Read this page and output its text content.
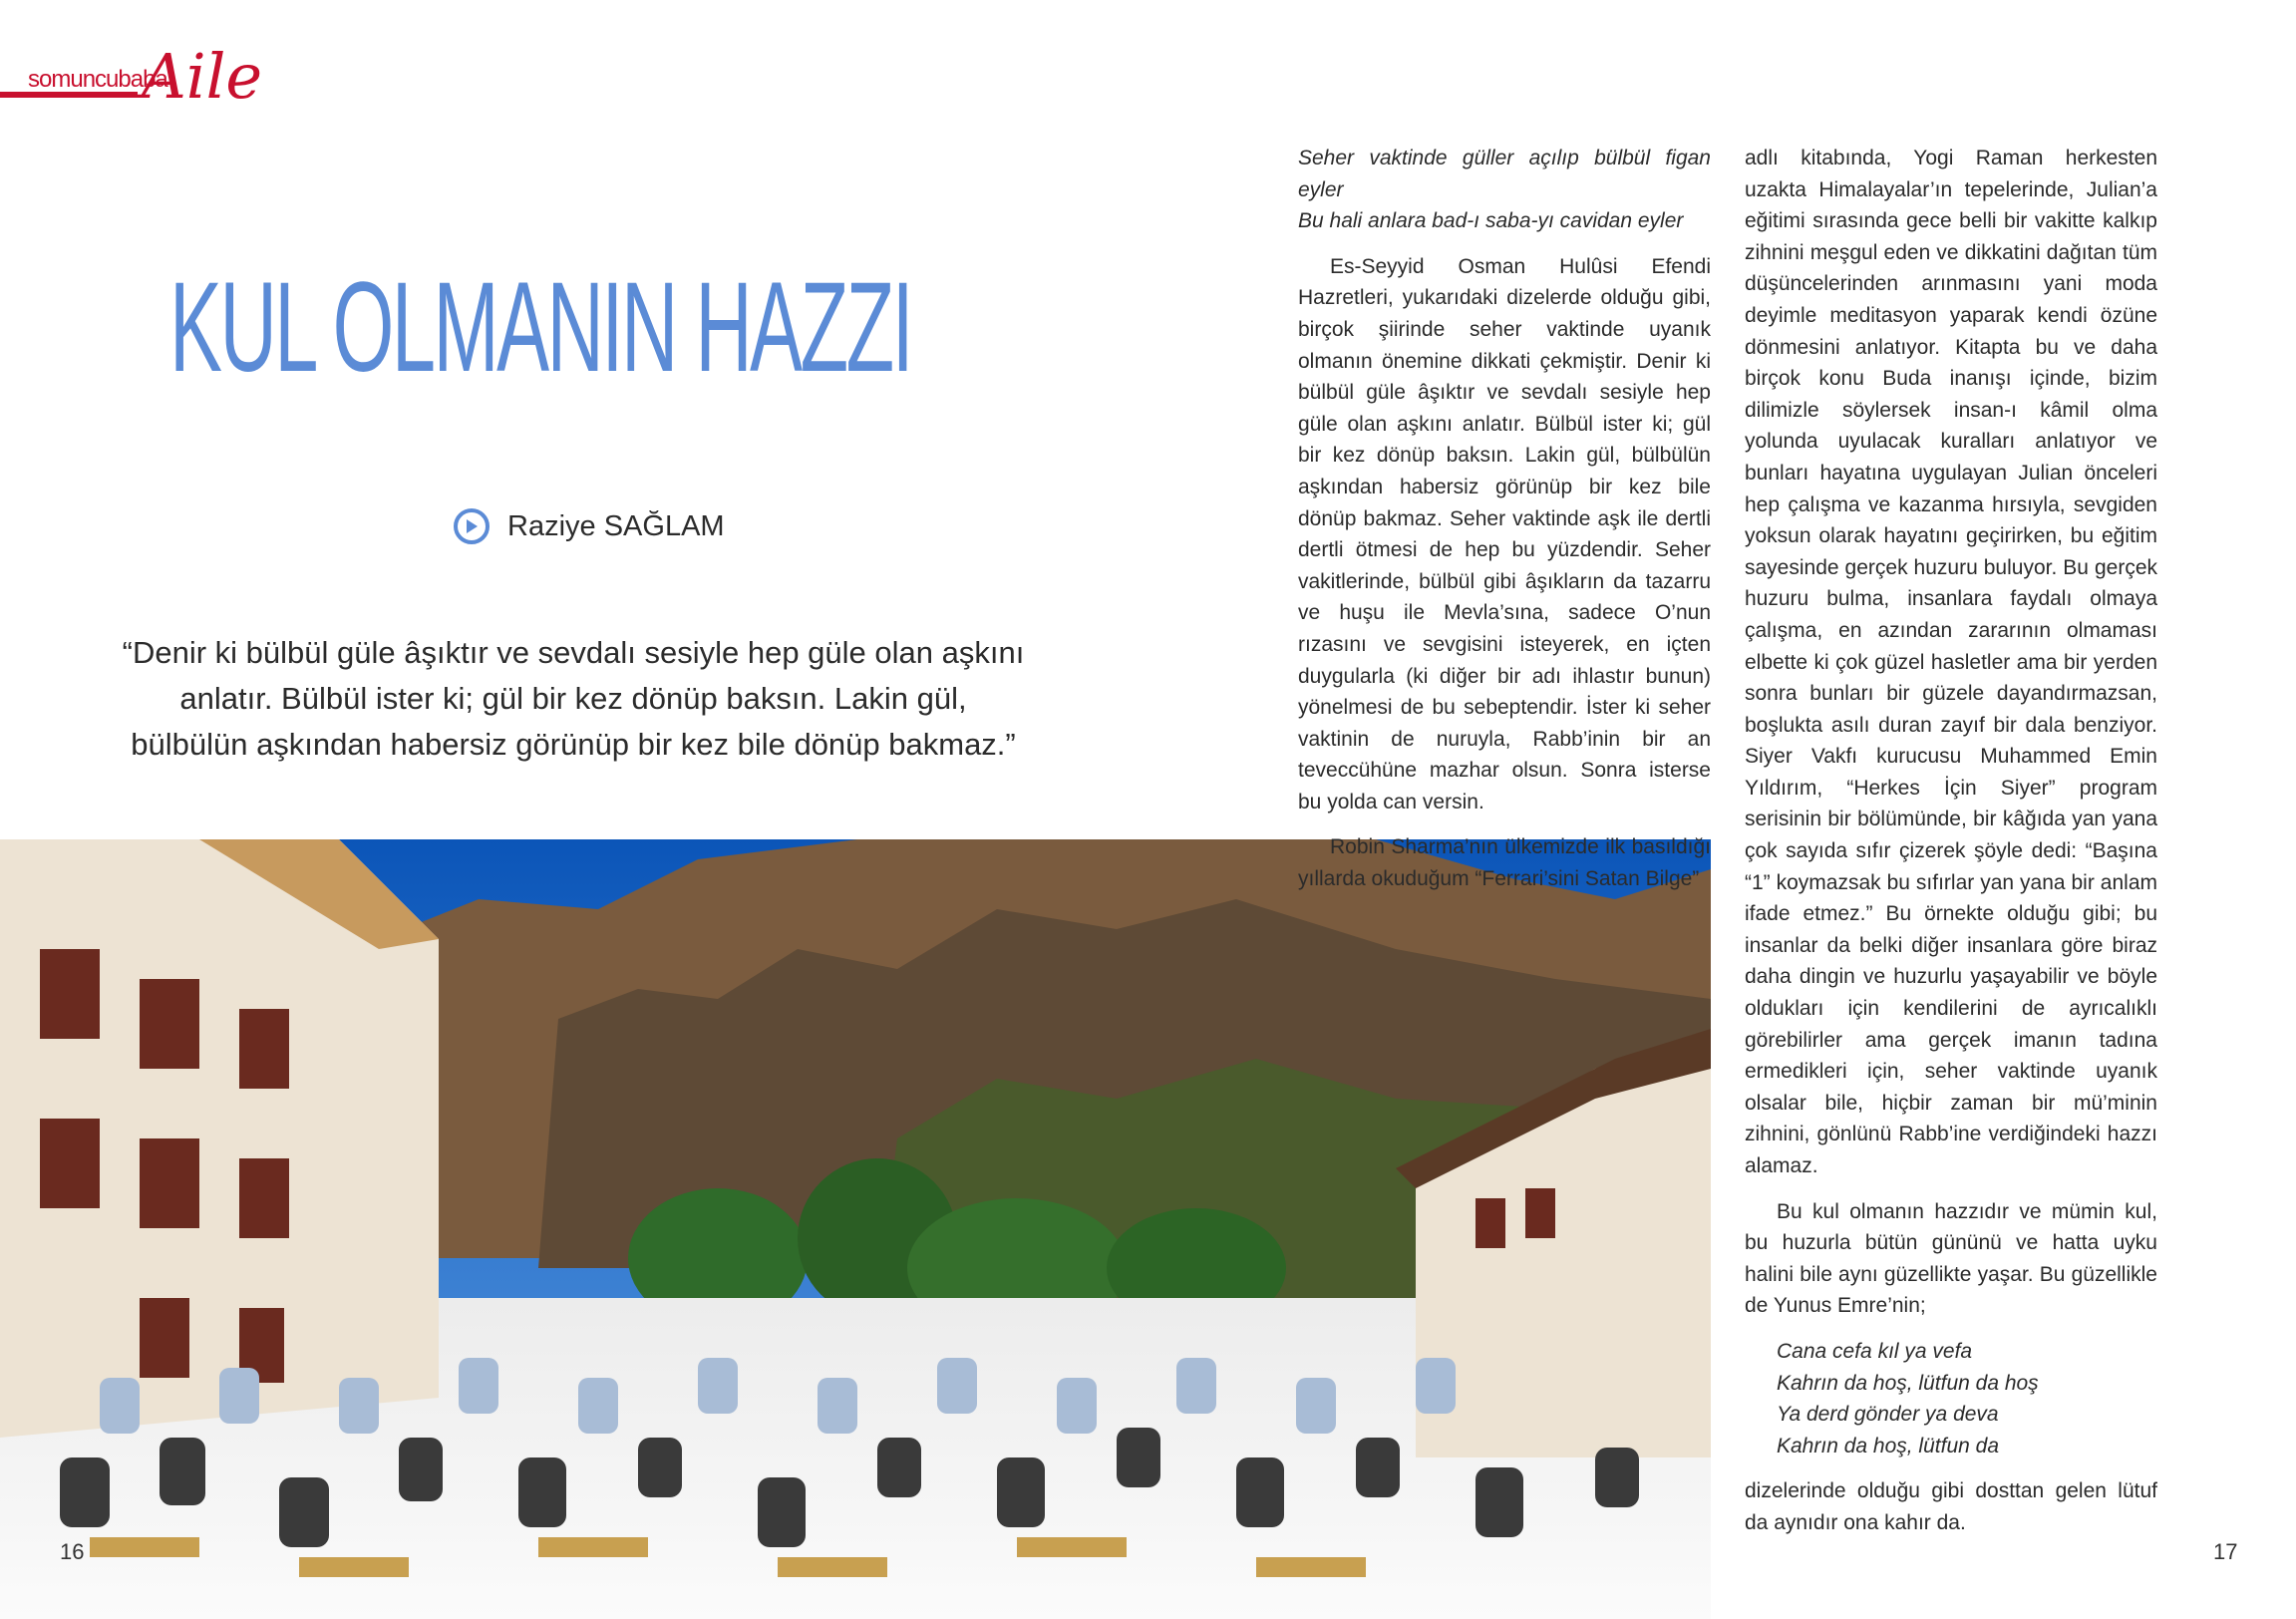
somuncubaba
Aile
KUL OLMANIN HAZZI
Raziye SAĞLAM
“Denir ki bülbül güle âşıktır ve sevdalı sesiyle hep güle olan aşkını anlatır. Bülbül ister ki; gül bir kez dönüp baksın. Lakin gül, bülbülün aşkından habersiz görünüp bir kez bile dönüp bakmaz.”
16	17

Seher vaktinde güller açılıp bülbül figan eyler

Bu hali anlara bad-ı saba-yı cavidan eyler

Es-Seyyid Osman Hulûsi Efendi Hazretleri, yukarıdaki dizelerde olduğu gibi, birçok şiirinde seher vaktinde uyanık olmanın önemine dikkati çekmiştir. Denir ki bülbül güle âşıktır ve sevdalı sesiyle hep güle olan aşkını anlatır. Bülbül ister ki; gül bir kez dönüp baksın. Lakin gül, bülbülün aşkından habersiz görünüp bir kez bile dönüp bakmaz. Seher vaktinde aşk ile dertli dertli ötmesi de hep bu yüzdendir. Seher vakitlerinde, bülbül gibi âşıkların da tazarru ve huşu ile Mevla’sına, sadece O’nun rızasını ve sevgisini isteyerek, en içten duygularla (ki diğer bir adı ihlastır bunun) yönelmesi de bu sebeptendir. İster ki seher vaktinin de nuruyla, Rabb’inin bir an teveccühüne mazhar olsun. Sonra isterse bu yolda can versin.

Robin Sharma’nın ülkemizde ilk basıldığı yıllarda okuduğum “Ferrari’sini Satan Bilge”

adlı kitabında, Yogi Raman herkesten uzakta Himalayalar’ın tepelerinde, Julian’a eğitimi sırasında gece belli bir vakitte kalkıp zihnini meşgul eden ve dikkatini dağıtan tüm düşüncelerinden arınmasını yani moda deyimle meditasyon yaparak kendi özüne dönmesini anlatıyor. Kitapta bu ve daha birçok konu Buda inanışı içinde, bizim dilimizle söylersek insan-ı kâmil olma yolunda uyulacak kuralları anlatıyor ve bunları hayatına uygulayan Julian önceleri hep çalışma ve kazanma hırsıyla, sevgiden yoksun olarak hayatını geçirirken, bu eğitim sayesinde gerçek huzuru buluyor. Bu gerçek huzuru bulma, insanlara faydalı olmaya çalışma, en azından zararının olmaması elbette ki çok güzel hasletler ama bir yerden sonra bunları bir güzele dayandırmazsan, boşlukta asılı duran zayıf bir dala benziyor. Siyer Vakfı kurucusu Muhammed Emin Yıldırım, “Herkes İçin Siyer” program serisinin bir bölümünde, bir kâğıda yan yana çok sayıda sıfır çizerek şöyle dedi: “Başına “1” koymazsak bu sıfırlar yan yana bir anlam ifade etmez.” Bu örnekte olduğu gibi; bu insanlar da belki diğer insanlara göre biraz daha dingin ve huzurlu yaşayabilir ve böyle oldukları için kendilerini de ayrıcalıklı görebilirler ama gerçek imanın tadına ermedikleri için, seher vaktinde uyanık olsalar bile, hiçbir zaman bir mü’minin zihnini, gönlünü Rabb’ine verdiğindeki hazzı alamaz.

Bu kul olmanın hazzıdır ve mümin kul, bu huzurla bütün gününü ve hatta uyku halini bile aynı güzellikte yaşar. Bu güzellikle de Yunus Emre’nin;

Cana cefa kıl ya vefa

Kahrın da hoş, lütfun da hoş

Ya derd gönder ya deva

Kahrın da hoş, lütfun da

dizelerinde olduğu gibi dosttan gelen lütuf da aynıdır ona kahır da.
